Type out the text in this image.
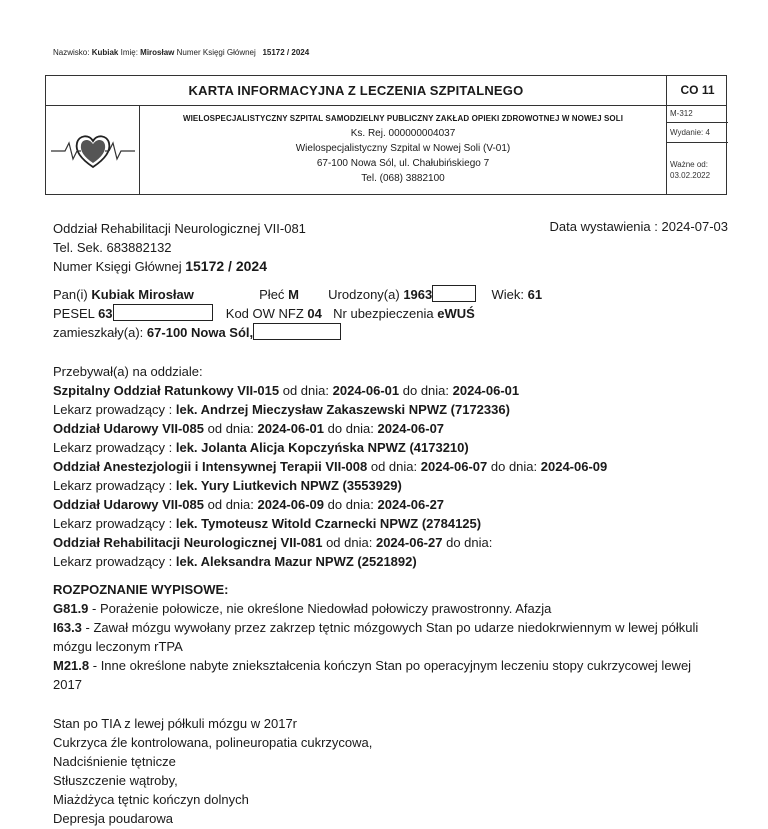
Nazwisko: Kubiak Imię: Mirosław Numer Księgi Głównej 15172 / 2024
KARTA INFORMACYJNA Z LECZENIA SZPITALNEGO	CO 11
WIELOSPECJALISTYCZNY SZPITAL SAMODZIELNY PUBLICZNY ZAKŁAD OPIEKI ZDROWOTNEJ W NOWEJ SOLI
Ks. Rej. 000000004037
Wielospecjalistyczny Szpital w Nowej Soli (V-01)
67-100 Nowa Sól, ul. Chałubińskiego 7
Tel. (068) 3882100
M-312
Wydanie: 4
Ważne od:
03.02.2022
Data wystawienia : 2024-07-03
Oddział Rehabilitacji Neurologicznej VII-081
Tel. Sek. 683882132
Numer Księgi Głównej 15172 / 2024
Pan(i) Kubiak Mirosław	Płeć M Urodzony(a) 1963	Wiek: 61
PESEL 63	Kod OW NFZ 04 Nr ubezpieczenia eWUŚ
zamieszkały(a): 67-100 Nowa Sól,
Przebywał(a) na oddziale:
Szpitalny Oddział Ratunkowy VII-015 od dnia: 2024-06-01 do dnia: 2024-06-01
Lekarz prowadzący : lek. Andrzej Mieczysław Zakaszewski NPWZ (7172336)
Oddział Udarowy VII-085 od dnia: 2024-06-01 do dnia: 2024-06-07
Lekarz prowadzący : lek. Jolanta Alicja Kopczyńska NPWZ (4173210)
Oddział Anestezjologii i Intensywnej Terapii VII-008 od dnia: 2024-06-07 do dnia: 2024-06-09
Lekarz prowadzący : lek. Yury Liutkevich NPWZ (3553929)
Oddział Udarowy VII-085 od dnia: 2024-06-09 do dnia: 2024-06-27
Lekarz prowadzący : lek. Tymoteusz Witold Czarnecki NPWZ (2784125)
Oddział Rehabilitacji Neurologicznej VII-081 od dnia: 2024-06-27 do dnia:
Lekarz prowadzący : lek. Aleksandra Mazur NPWZ (2521892)
ROZPOZNANIE WYPISOWE:
G81.9 - Porażenie połowicze, nie określone Niedowład połowiczy prawostronny. Afazja
I63.3 - Zawał mózgu wywołany przez zakrzep tętnic mózgowych Stan po udarze niedokrwiennym w lewej półkuli mózgu leczonym rTPA
M21.8 - Inne określone nabyte zniekształcenia kończyn Stan po operacyjnym leczeniu stopy cukrzycowej lewej 2017
Stan po TIA z lewej półkuli mózgu w 2017r
Cukrzyca źle kontrolowana, polineuropatia cukrzycowa,
Nadciśnienie tętnicze
Stłuszczenie wątroby,
Miażdżyca tętnic kończyn dolnych
Depresja poudarowa
